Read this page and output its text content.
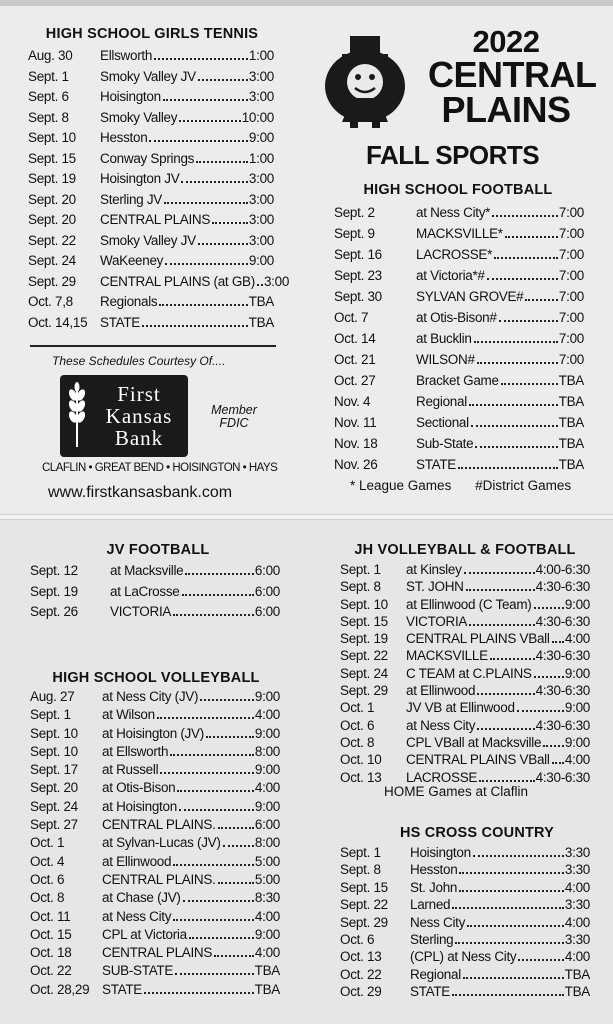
HIGH SCHOOL GIRLS TENNIS
Aug. 30	Ellsworth	1:00
Sept. 1	Smoky Valley JV	3:00
Sept. 6	Hoisington	3:00
Sept. 8	Smoky Valley	10:00
Sept. 10	Hesston	9:00
Sept. 15	Conway Springs	1:00
Sept. 19	Hoisington JV	3:00
Sept. 20	Sterling JV	3:00
Sept. 20	CENTRAL PLAINS	3:00
Sept. 22	Smoky Valley JV	3:00
Sept. 24	WaKeeney	9:00
Sept. 29	CENTRAL PLAINS (at GB) 3:00
Oct. 7,8	Regionals	TBA
Oct. 14,15 STATE	TBA
These Schedules Courtesy Of....
First
Kansas
Bank
Member
FDIC
CLAFLIN • GREAT BEND • HOISINGTON • HAYS
www.firstkansasbank.com
2022
CENTRAL
PLAINS
FALL SPORTS
HIGH SCHOOL FOOTBALL
Sept. 2	at Ness City*	7:00
Sept. 9	MACKSVILLE*	7:00
Sept. 16	LACROSSE*	7:00
Sept. 23	at Victoria*#	7:00
Sept. 30	SYLVAN GROVE#	7:00
Oct. 7	at Otis-Bison#	7:00
Oct. 14	at Bucklin	7:00
Oct. 21	WILSON#	7:00
Oct. 27	Bracket Game	TBA
Nov. 4	Regional	TBA
Nov. 11	Sectional	TBA
Nov. 18	Sub-State	TBA
Nov. 26	STATE	TBA
* League Games #District Games
JV FOOTBALL
Sept. 12	at Macksville	6:00
Sept. 19	at LaCrosse	6:00
Sept. 26	VICTORIA	6:00
HIGH SCHOOL VOLLEYBALL
Aug. 27	at Ness City (JV)	9:00
Sept. 1	at Wilson	4:00
Sept. 10	at Hoisington (JV)	9:00
Sept. 10	at Ellsworth	8:00
Sept. 17	at Russell	9:00
Sept. 20	at Otis-Bison	4:00
Sept. 24	at Hoisington	9:00
Sept. 27	CENTRAL PLAINS.	6:00
Oct. 1	at Sylvan-Lucas (JV)	8:00
Oct. 4	at Ellinwood	5:00
Oct. 6	CENTRAL PLAINS.	5:00
Oct. 8	at Chase (JV)	8:30
Oct. 11	at Ness City	4:00
Oct. 15	CPL at Victoria	9:00
Oct. 18	CENTRAL PLAINS	4:00
Oct. 22	SUB-STATE	TBA
Oct. 28,29 STATE	TBA
JH VOLLEYBALL & FOOTBALL
Sept. 1	at Kinsley	4:00-6:30
Sept. 8	ST. JOHN	4:30-6:30
Sept. 10	at Ellinwood (C Team) 9:00
Sept. 15	VICTORIA	4:30-6:30
Sept. 19	CENTRAL PLAINS VBall 4:00
Sept. 22	MACKSVILLE	4:30-6:30
Sept. 24	C TEAM at C.PLAINS 9:00
Sept. 29	at Ellinwood	4:30-6:30
Oct. 1	JV VB at Ellinwood	9:00
Oct. 6	at Ness City	4:30-6:30
Oct. 8	CPL VBall at Macksville 9:00
Oct. 10	CENTRAL PLAINS VBall 4:00
Oct. 13	LACROSSE	4:30-6:30
HOME Games at Claflin
HS CROSS COUNTRY
Sept. 1	Hoisington	3:30
Sept. 8	Hesston	3:30
Sept. 15	St. John	4:00
Sept. 22	Larned	3:30
Sept. 29	Ness City	4:00
Oct. 6	Sterling	3:30
Oct. 13	(CPL) at Ness City	4:00
Oct. 22	Regional	TBA
Oct. 29	STATE	TBA
